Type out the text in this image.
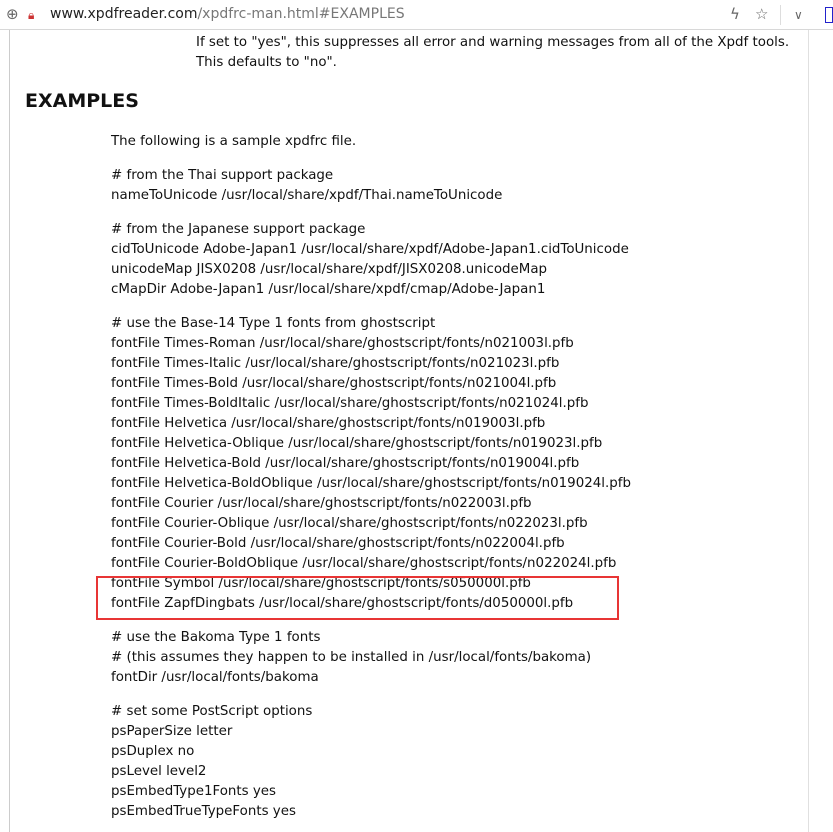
⊕ 🔒︎ www.xpdfreader.com/xpdfrc-man.html#EXAMPLES	ϟ ☆ ∨
If set to "yes", this suppresses all error and warning messages from all of the Xpdf tools.
This defaults to "no".
EXAMPLES
The following is a sample xpdfrc file.
# from the Thai support package
nameToUnicode /usr/local/share/xpdf/Thai.nameToUnicode
# from the Japanese support package
cidToUnicode Adobe-Japan1 /usr/local/share/xpdf/Adobe-Japan1.cidToUnicode
unicodeMap JISX0208 /usr/local/share/xpdf/JISX0208.unicodeMap
cMapDir Adobe-Japan1 /usr/local/share/xpdf/cmap/Adobe-Japan1
# use the Base-14 Type 1 fonts from ghostscript
fontFile Times-Roman /usr/local/share/ghostscript/fonts/n021003l.pfb
fontFile Times-Italic /usr/local/share/ghostscript/fonts/n021023l.pfb
fontFile Times-Bold /usr/local/share/ghostscript/fonts/n021004l.pfb
fontFile Times-BoldItalic /usr/local/share/ghostscript/fonts/n021024l.pfb
fontFile Helvetica /usr/local/share/ghostscript/fonts/n019003l.pfb
fontFile Helvetica-Oblique /usr/local/share/ghostscript/fonts/n019023l.pfb
fontFile Helvetica-Bold /usr/local/share/ghostscript/fonts/n019004l.pfb
fontFile Helvetica-BoldOblique /usr/local/share/ghostscript/fonts/n019024l.pfb
fontFile Courier /usr/local/share/ghostscript/fonts/n022003l.pfb
fontFile Courier-Oblique /usr/local/share/ghostscript/fonts/n022023l.pfb
fontFile Courier-Bold /usr/local/share/ghostscript/fonts/n022004l.pfb
fontFile Courier-BoldOblique /usr/local/share/ghostscript/fonts/n022024l.pfb
fontFile Symbol /usr/local/share/ghostscript/fonts/s050000l.pfb
fontFile ZapfDingbats /usr/local/share/ghostscript/fonts/d050000l.pfb
# use the Bakoma Type 1 fonts
# (this assumes they happen to be installed in /usr/local/fonts/bakoma)
fontDir /usr/local/fonts/bakoma
# set some PostScript options
psPaperSize letter
psDuplex no
psLevel level2
psEmbedType1Fonts yes
psEmbedTrueTypeFonts yes
